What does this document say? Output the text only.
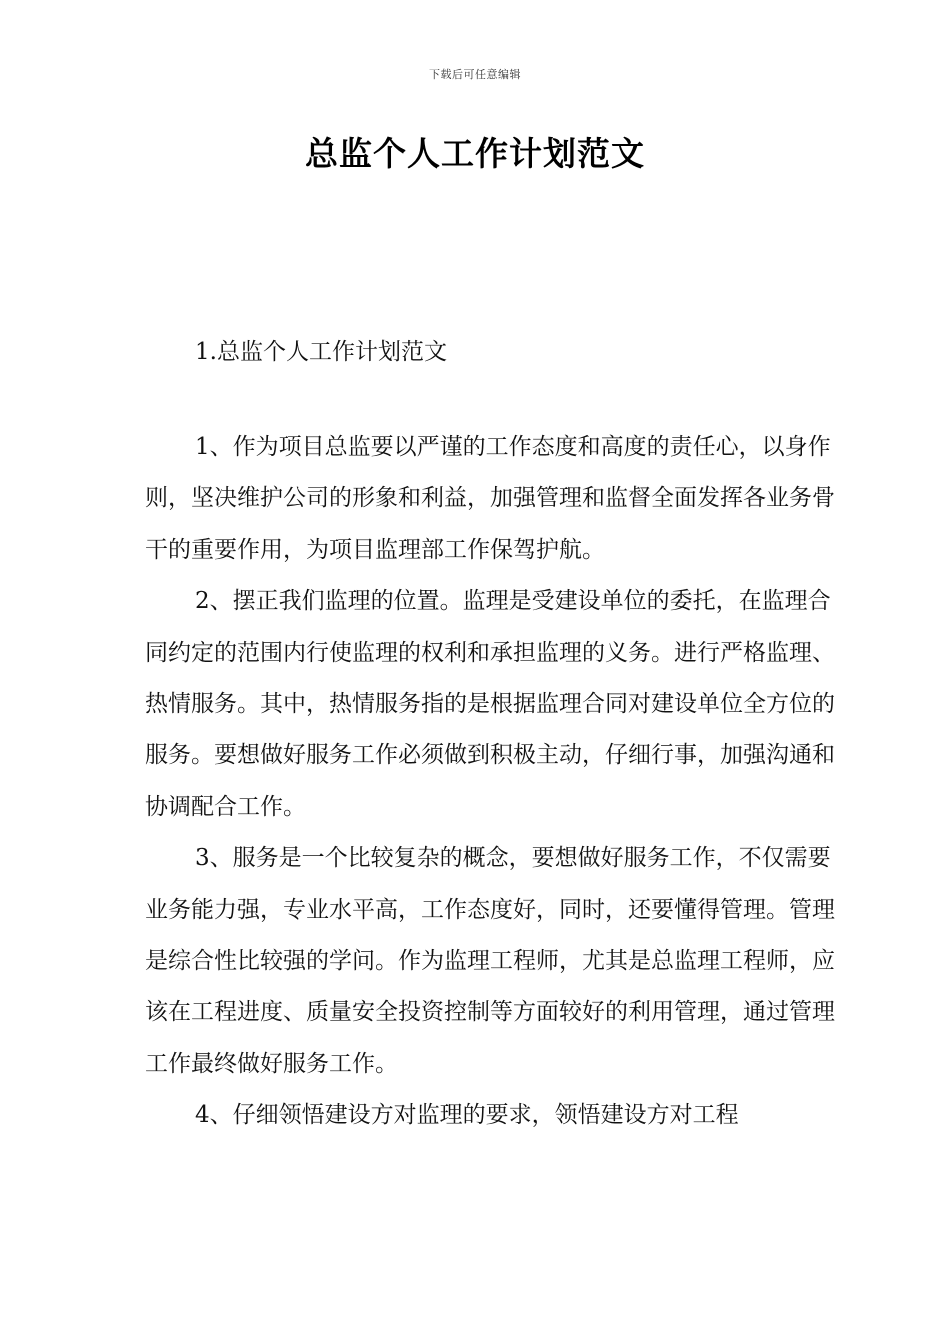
下载后可任意编辑
总监个人工作计划范文
1.总监个人工作计划范文

1、作为项目总监要以严谨的工作态度和高度的责任心，以身作则，坚决维护公司的形象和利益，加强管理和监督全面发挥各业务骨干的重要作用，为项目监理部工作保驾护航。

2、摆正我们监理的位置。监理是受建设单位的委托，在监理合同约定的范围内行使监理的权利和承担监理的义务。进行严格监理、热情服务。其中，热情服务指的是根据监理合同对建设单位全方位的服务。要想做好服务工作必须做到积极主动，仔细行事，加强沟通和协调配合工作。

3、服务是一个比较复杂的概念，要想做好服务工作，不仅需要业务能力强，专业水平高，工作态度好，同时，还要懂得管理。管理是综合性比较强的学问。作为监理工程师，尤其是总监理工程师，应该在工程进度、质量安全投资控制等方面较好的利用管理，通过管理工作最终做好服务工作。

4、仔细领悟建设方对监理的要求，领悟建设方对工程
